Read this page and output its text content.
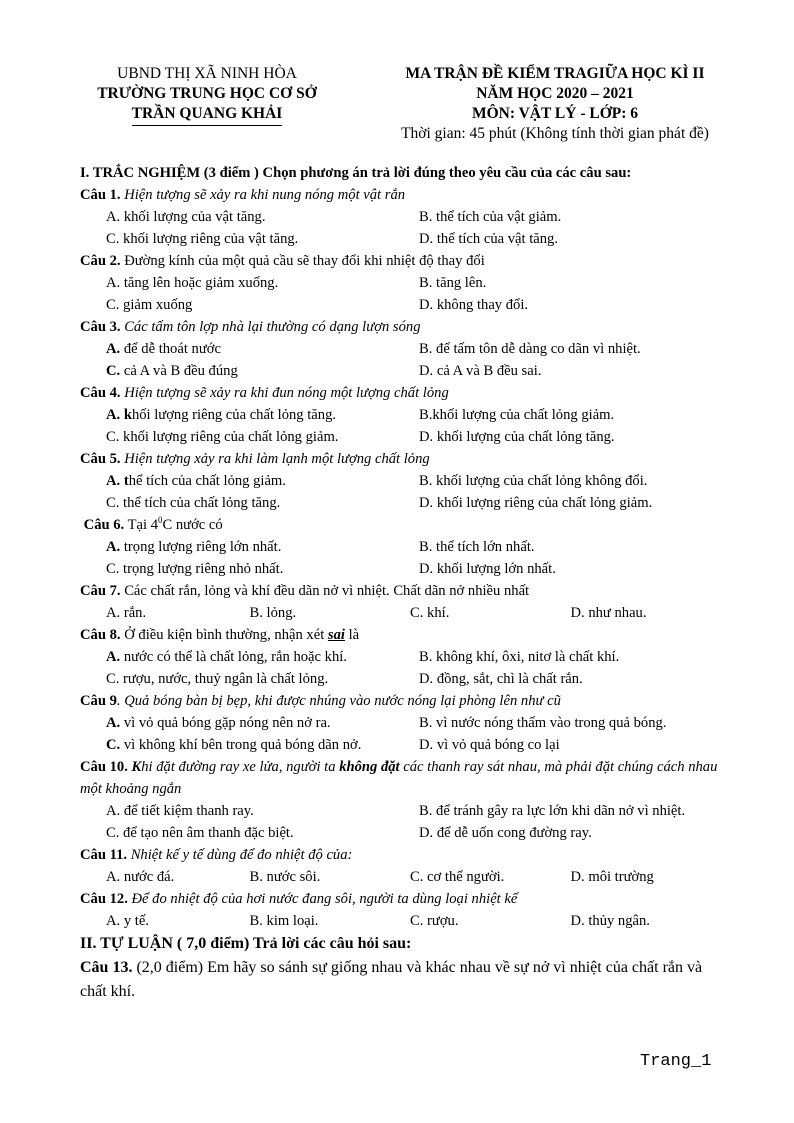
UBND THỊ XÃ NINH HÒA
TRƯỜNG TRUNG HỌC CƠ SỞ
TRẦN QUANG KHẢI
MA TRẬN ĐỀ KIỂM TRAGIỮA HỌC KÌ II
NĂM HỌC 2020 – 2021
MÔN: VẬT LÝ - LỚP: 6
Thời gian: 45 phút (Không tính thời gian phát đề)
I. TRẮC NGHIỆM (3 điểm ) Chọn phương án trả lời đúng theo yêu cầu của các câu sau:
Câu 1. Hiện tượng sẽ xảy ra khi nung nóng một vật rắn
A. khối lượng của vật tăng.	B. thể tích của vật giảm.
C. khối lượng riêng của vật tăng.	D. thể tích của vật tăng.
Câu 2. Đường kính của một quả cầu sẽ thay đổi khi nhiệt độ thay đổi
A. tăng lên hoặc giảm xuống.	B. tăng lên.
C. giảm xuống	D. không thay đổi.
Câu 3. Các tấm tôn lợp nhà lại thường có dạng lượn sóng
A. để dễ thoát nước	B. để tấm tôn dễ dàng co dãn vì nhiệt.
C. cả A và B đều đúng	D. cả A và B đều sai.
Câu 4. Hiện tượng sẽ xảy ra khi đun nóng một lượng chất lỏng
A. khối lượng riêng của chất lỏng tăng.	B.khối lượng của chất lỏng giảm.
C. khối lượng riêng của chất lỏng giảm.	D. khối lượng của chất lỏng tăng.
Câu 5. Hiện tượng xảy ra khi làm lạnh một lượng chất lỏng
A. thể tích của chất lỏng giảm.	B. khối lượng của chất lỏng không đổi.
C. thể tích của chất lỏng tăng.	D. khối lượng riêng của chất lỏng giảm.
Câu 6. Tại $4^0C$ nước có
A. trọng lượng riêng lớn nhất.	B. thể tích lớn nhất.
C. trọng lượng riêng nhỏ nhất.	D. khối lượng lớn nhất.
Câu 7. Các chất rắn, lỏng và khí đều dãn nở vì nhiệt. Chất dãn nở nhiều nhất
A. rắn.	B. lỏng.	C. khí.	D. như nhau.
Câu 8. Ở điều kiện bình thường, nhận xét sai là
A. nước có thể là chất lỏng, rắn hoặc khí.	B. không khí, ôxi, nitơ là chất khí.
C. rượu, nước, thuỷ ngân là chất lỏng.	D. đồng, sắt, chì là chất rắn.
Câu 9. Quả bóng bàn bị bẹp, khi được nhúng vào nước nóng lại phòng lên như cũ
A. vì vỏ quả bóng gặp nóng nên nở ra.	B. vì nước nóng thấm vào trong quả bóng.
C. vì không khí bên trong quả bóng dãn nở.	D. vì vỏ quả bóng co lại
Câu 10. Khi đặt đường ray xe lửa, người ta không đặt các thanh ray sát nhau, mà phải đặt chúng cách nhau một khoảng ngắn
A. để tiết kiệm thanh ray.	B. để tránh gây ra lực lớn khi dãn nở vì nhiệt.
C. để tạo nên âm thanh đặc biệt.	D. để dễ uốn cong đường ray.
Câu 11. Nhiệt kế y tế dùng để đo nhiệt độ của:
A. nước đá.	B. nước sôi.	C. cơ thể người.	D. môi trường
Câu 12. Để đo nhiệt độ của hơi nước đang sôi, người ta dùng loại nhiệt kế
A. y tế.	B. kim loại.	C. rượu.	D. thủy ngân.
II. TỰ LUẬN ( 7,0 điểm) Trả lời các câu hỏi sau:
Câu 13. (2,0 điểm) Em hãy so sánh sự giống nhau và khác nhau về sự nở vì nhiệt của chất rắn và chất khí.
Trang_1
